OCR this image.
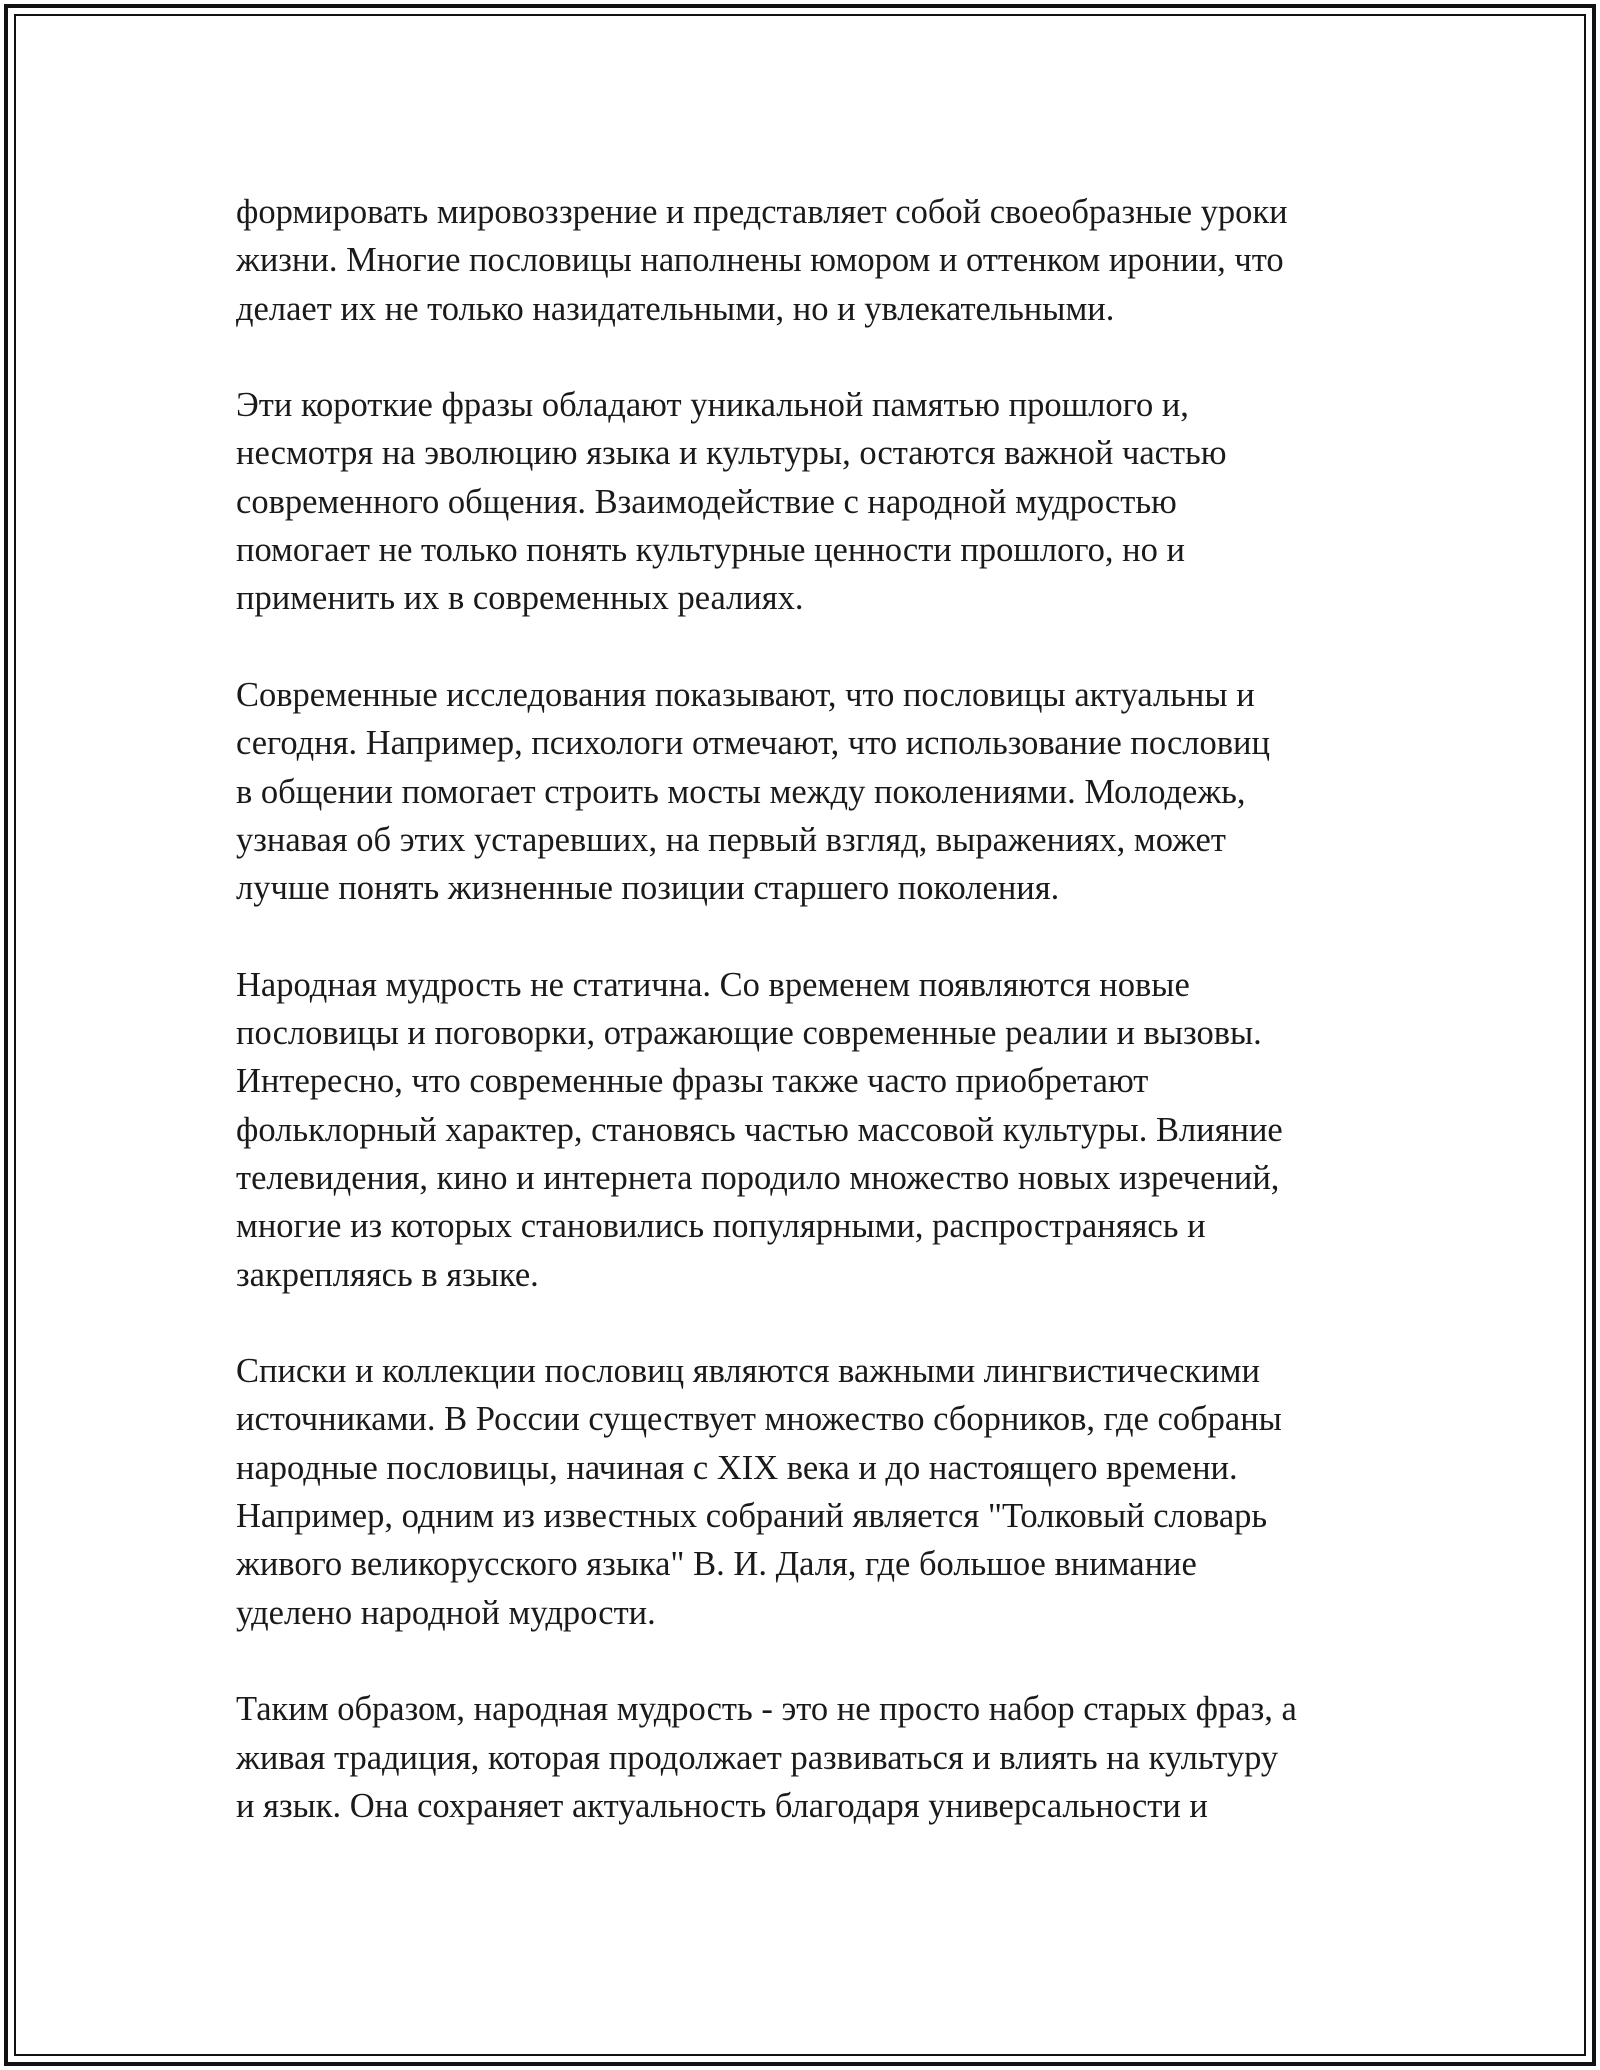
формировать мировоззрение и представляет собой своеобразные уроки
жизни. Многие пословицы наполнены юмором и оттенком иронии, что
делает их не только назидательными, но и увлекательными.

Эти короткие фразы обладают уникальной памятью прошлого и,
несмотря на эволюцию языка и культуры, остаются важной частью
современного общения. Взаимодействие с народной мудростью
помогает не только понять культурные ценности прошлого, но и
применить их в современных реалиях.

Современные исследования показывают, что пословицы актуальны и
сегодня. Например, психологи отмечают, что использование пословиц
в общении помогает строить мосты между поколениями. Молодежь,
узнавая об этих устаревших, на первый взгляд, выражениях, может
лучше понять жизненные позиции старшего поколения.

Народная мудрость не статична. Со временем появляются новые
пословицы и поговорки, отражающие современные реалии и вызовы.
Интересно, что современные фразы также часто приобретают
фольклорный характер, становясь частью массовой культуры. Влияние
телевидения, кино и интернета породило множество новых изречений,
многие из которых становились популярными, распространяясь и
закрепляясь в языке.

Списки и коллекции пословиц являются важными лингвистическими
источниками. В России существует множество сборников, где собраны
народные пословицы, начиная с XIX века и до настоящего времени.
Например, одним из известных собраний является "Толковый словарь
живого великорусского языка" В. И. Даля, где большое внимание
уделено народной мудрости.

Таким образом, народная мудрость - это не просто набор старых фраз, а
живая традиция, которая продолжает развиваться и влиять на культуру
и язык. Она сохраняет актуальность благодаря универсальности и
